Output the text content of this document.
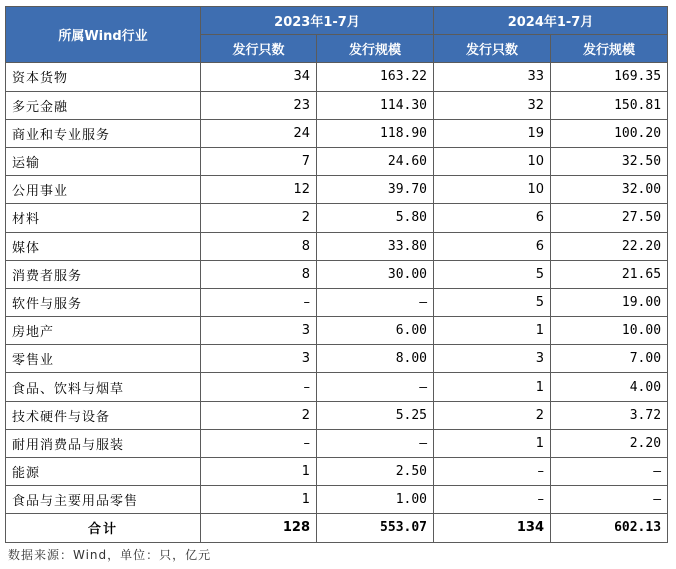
所属Wind行业	2023年1-7月		2024年1-7月	
	发行只数	发行规模	发行只数	发行规模
资本货物	34	163.22	33	169.35
多元金融	23	114.30	32	150.81
商业和专业服务	24	118.90	19	100.20
运输	7	24.60	10	32.50
公用事业	12	39.70	10	32.00
材料	2	5.80	6	27.50
媒体	8	33.80	6	22.20
消费者服务	8	30.00	5	21.65
软件与服务	–	–	5	19.00
房地产	3	6.00	1	10.00
零售业	3	8.00	3	7.00
食品、饮料与烟草	–	–	1	4.00
技术硬件与设备	2	5.25	2	3.72
耐用消费品与服装	–	–	1	2.20
能源	1	2.50	–	–
食品与主要用品零售	1	1.00	–	–
合计	128	553.07	134	602.13
数据来源：Wind，单位：只，亿元
